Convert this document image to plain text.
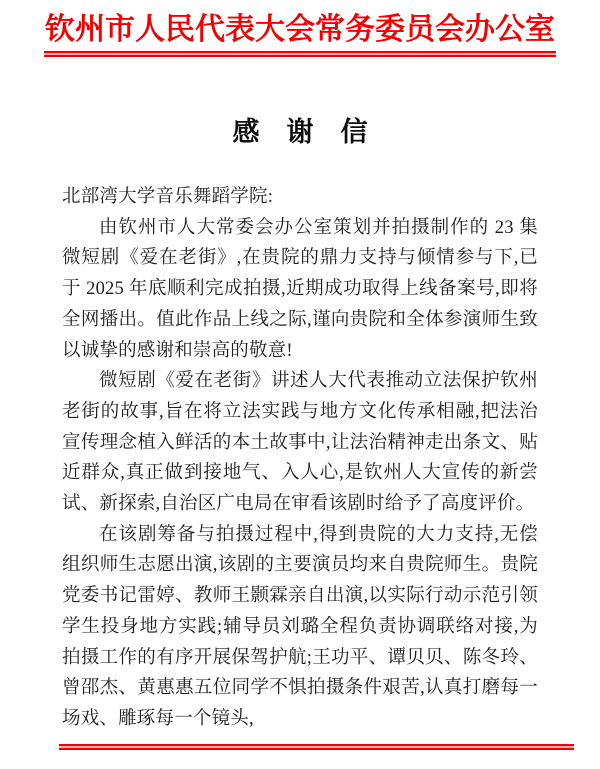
钦州市人民代表大会常务委员会办公室
感　谢　信

北部湾大学音乐舞蹈学院:

由钦州市人大常委会办公室策划并拍摄制作的 23 集微短剧《爱在老街》,在贵院的鼎力支持与倾情参与下,已于 2025 年底顺利完成拍摄,近期成功取得上线备案号,即将全网播出。值此作品上线之际,谨向贵院和全体参演师生致以诚挚的感谢和崇高的敬意!

微短剧《爱在老街》讲述人大代表推动立法保护钦州老街的故事,旨在将立法实践与地方文化传承相融,把法治宣传理念植入鲜活的本土故事中,让法治精神走出条文、贴近群众,真正做到接地气、入人心,是钦州人大宣传的新尝试、新探索,自治区广电局在审看该剧时给予了高度评价。

在该剧筹备与拍摄过程中,得到贵院的大力支持,无偿组织师生志愿出演,该剧的主要演员均来自贵院师生。贵院党委书记雷婷、教师王颢霖亲自出演,以实际行动示范引领学生投身地方实践;辅导员刘璐全程负责协调联络对接,为拍摄工作的有序开展保驾护航;王功平、谭贝贝、陈冬玲、曾邵杰、黄惠惠五位同学不惧拍摄条件艰苦,认真打磨每一场戏、雕琢每一个镜头,
